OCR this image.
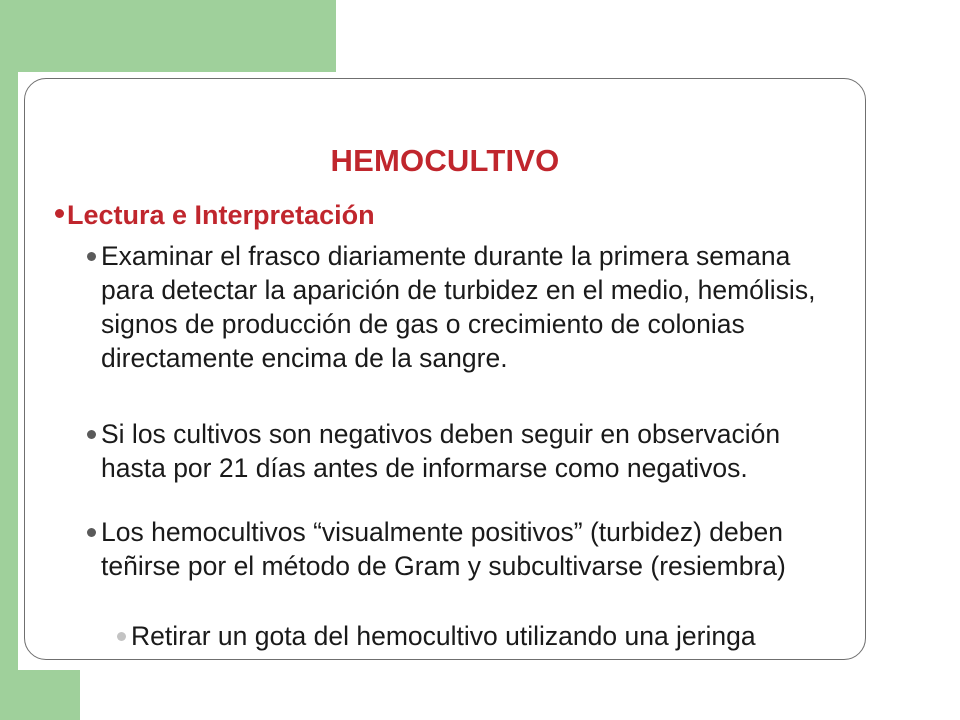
HEMOCULTIVO
Lectura e Interpretación
Examinar el frasco diariamente durante la primera semana para detectar la aparición de turbidez en el medio, hemólisis, signos de producción de gas o crecimiento de colonias directamente encima de la sangre.
Si los cultivos son negativos deben seguir en observación hasta por 21 días antes de informarse como negativos.
Los hemocultivos “visualmente positivos” (turbidez) deben teñirse por el método de Gram y subcultivarse (resiembra)
Retirar un gota del hemocultivo utilizando una jeringa
